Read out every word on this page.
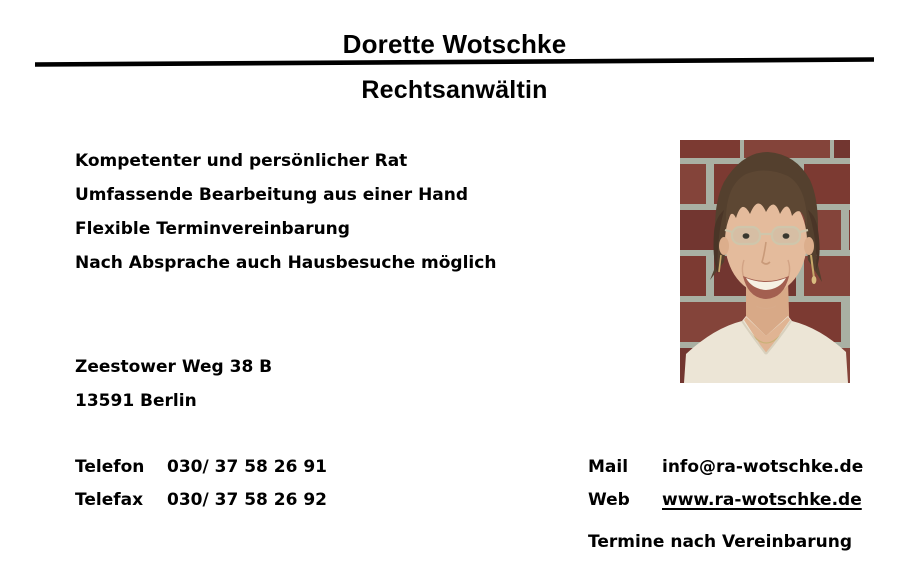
Dorette Wotschke
Rechtsanwältin
Kompetenter und persönlicher Rat
Umfassende Bearbeitung aus einer Hand
Flexible Terminvereinbarung
Nach Absprache auch Hausbesuche möglich
Zeestower Weg 38 B
13591 Berlin
Telefon	030/ 37 58 26 91
Telefax	030/ 37 58 26 92
Mail	info@ra-wotschke.de
Web	www.ra-wotschke.de
Termine nach Vereinbarung
